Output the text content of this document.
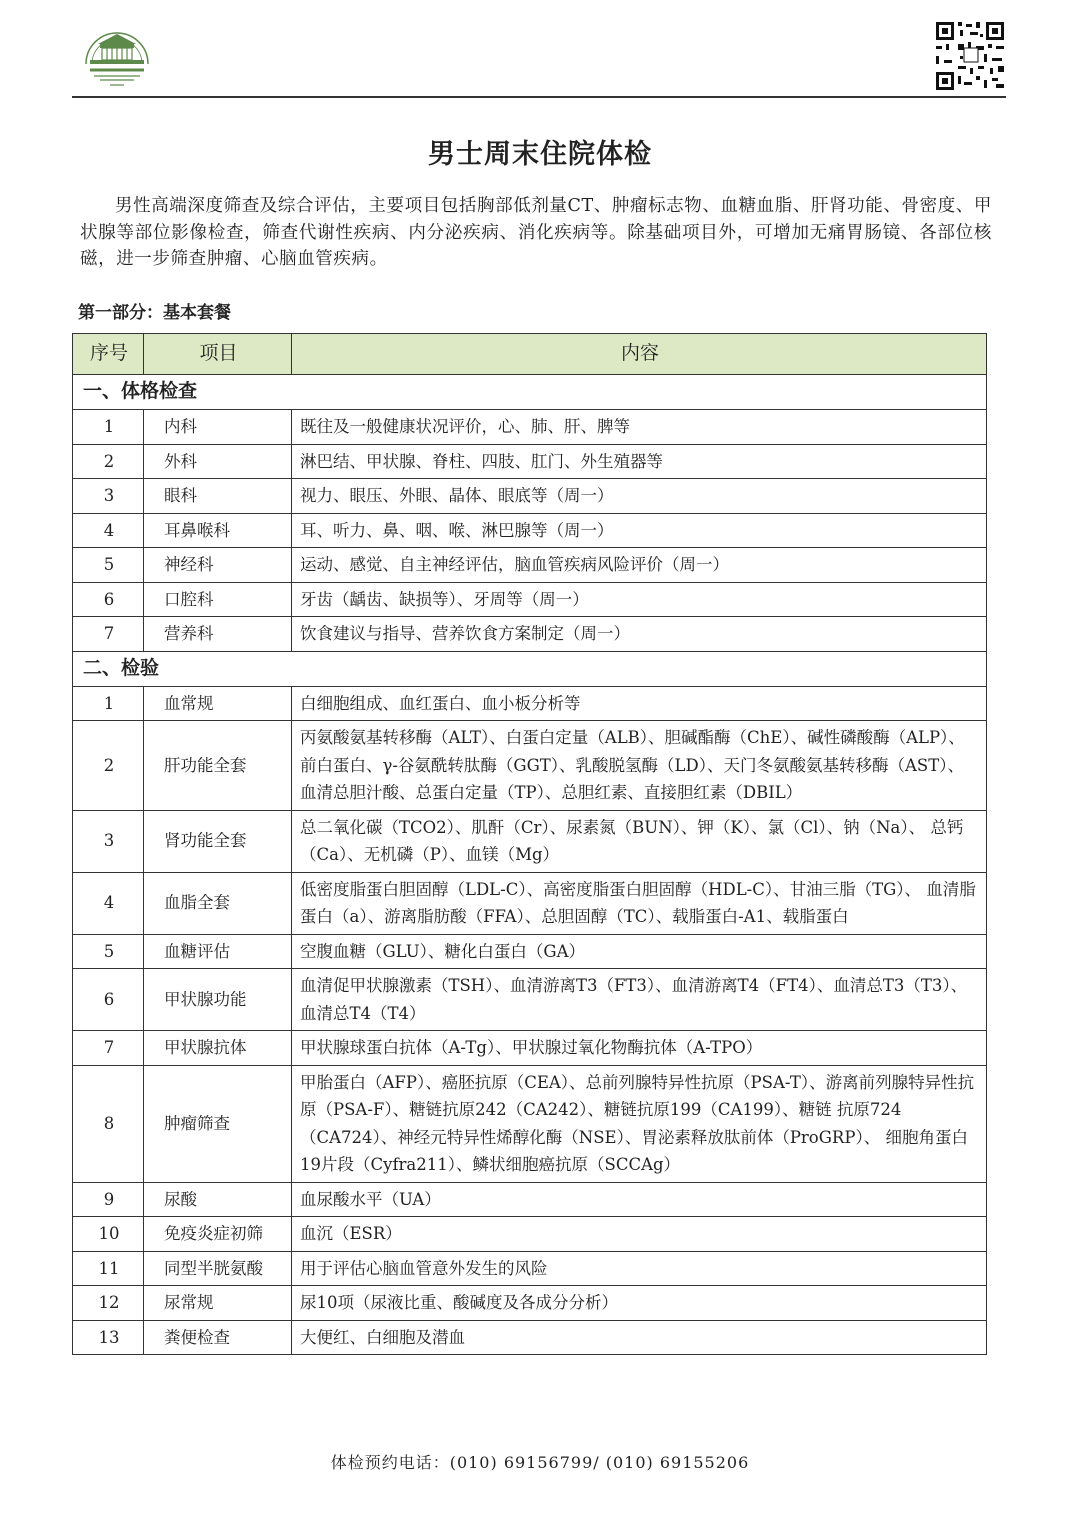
男士周末住院体检
男性高端深度筛查及综合评估，主要项目包括胸部低剂量CT、肿瘤标志物、血糖血脂、肝肾功能、骨密度、甲状腺等部位影像检查，筛查代谢性疾病、内分泌疾病、消化疾病等。除基础项目外，可增加无痛胃肠镜、各部位核磁，进一步筛查肿瘤、心脑血管疾病。
第一部分：基本套餐
序号	项目	内容
一、体格检查		
1	内科	既往及一般健康状况评价，心、肺、肝、脾等
2	外科	淋巴结、甲状腺、脊柱、四肢、肛门、外生殖器等
3	眼科	视力、眼压、外眼、晶体、眼底等（周一）
4	耳鼻喉科	耳、听力、鼻、咽、喉、淋巴腺等（周一）
5	神经科	运动、感觉、自主神经评估，脑血管疾病风险评价（周一）
6	口腔科	牙齿（龋齿、缺损等）、牙周等（周一）
7	营养科	饮食建议与指导、营养饮食方案制定（周一）
二、检验		
1	血常规	白细胞组成、血红蛋白、血小板分析等
2	肝功能全套	丙氨酸氨基转移酶（ALT）、白蛋白定量（ALB）、胆碱酯酶（ChE）、碱性磷酸酶（ALP）、前白蛋白、γ-谷氨酰转肽酶（GGT）、乳酸脱氢酶（LD）、天门冬氨酸氨基转移酶（AST）、血清总胆汁酸、总蛋白定量（TP）、总胆红素、直接胆红素（DBIL）
3	肾功能全套	总二氧化碳（TCO2）、肌酐（Cr）、尿素氮（BUN）、钾（K）、氯（Cl）、钠（Na）、 总钙（Ca）、无机磷（P）、血镁（Mg）
4	血脂全套	低密度脂蛋白胆固醇（LDL-C）、高密度脂蛋白胆固醇（HDL-C）、甘油三脂（TG）、 血清脂蛋白（a）、游离脂肪酸（FFA）、总胆固醇（TC）、载脂蛋白-A1、载脂蛋白
5	血糖评估	空腹血糖（GLU）、糖化白蛋白（GA）
6	甲状腺功能	血清促甲状腺激素（TSH）、血清游离T3（FT3）、血清游离T4（FT4）、血清总T3（T3）、血清总T4（T4）
7	甲状腺抗体	甲状腺球蛋白抗体（A-Tg）、甲状腺过氧化物酶抗体（A-TPO）
8	肿瘤筛查	甲胎蛋白（AFP）、癌胚抗原（CEA）、总前列腺特异性抗原（PSA-T）、游离前列腺特异性抗原（PSA-F）、糖链抗原242（CA242）、糖链抗原199（CA199）、糖链 抗原724（CA724）、神经元特异性烯醇化酶（NSE）、胃泌素释放肽前体（ProGRP）、 细胞角蛋白19片段（Cyfra211）、鳞状细胞癌抗原（SCCAg）
9	尿酸	血尿酸水平（UA）
10	免疫炎症初筛	血沉（ESR）
11	同型半胱氨酸	用于评估心脑血管意外发生的风险
12	尿常规	尿10项（尿液比重、酸碱度及各成分分析）
13	粪便检查	大便红、白细胞及潜血
体检预约电话：(010) 69156799/ (010) 69155206
